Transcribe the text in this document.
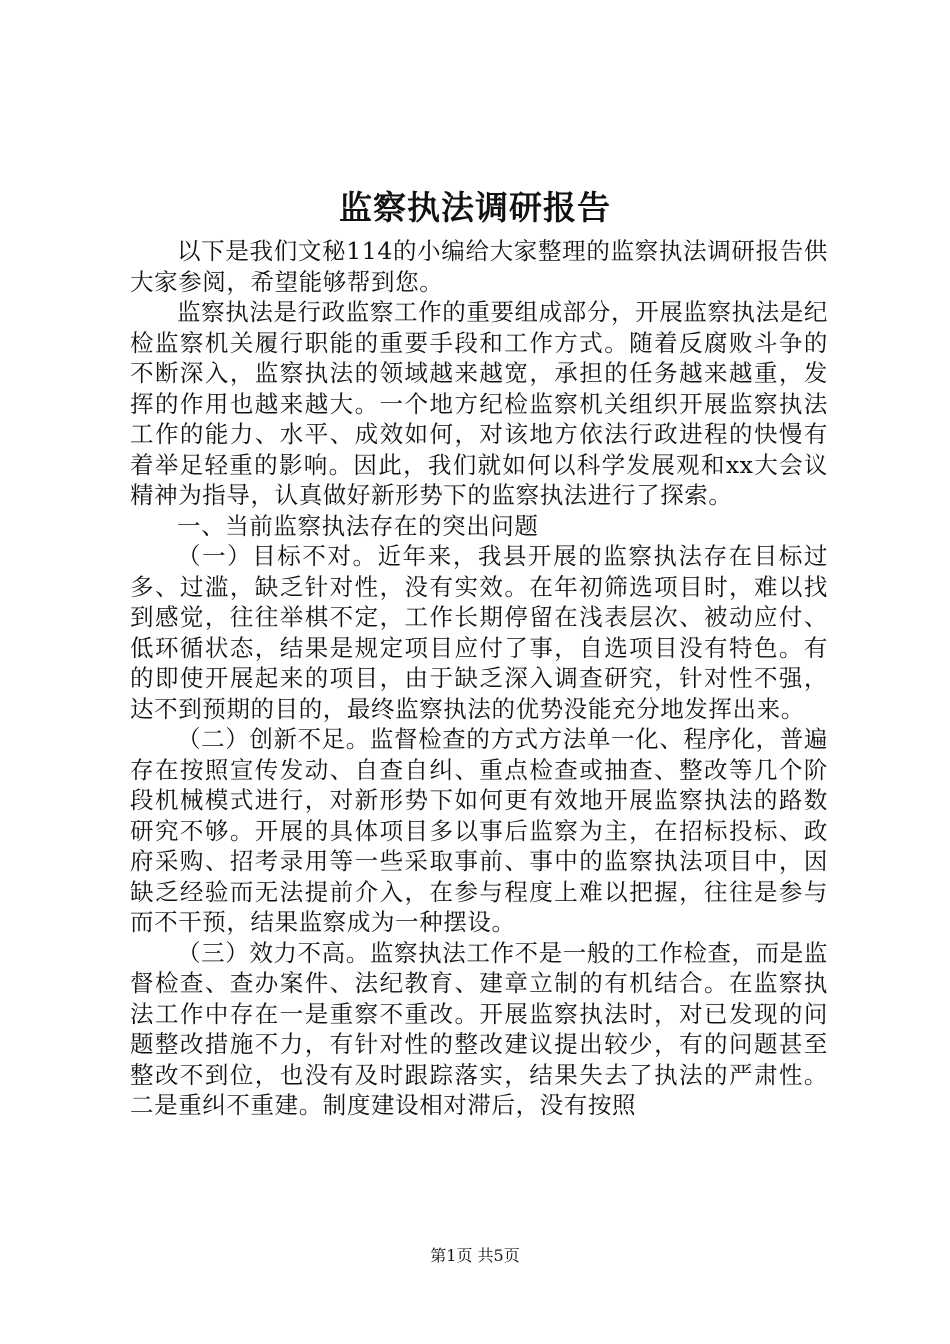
监察执法调研报告

以下是我们文秘114的小编给大家整理的监察执法调研报告供大家参阅，希望能够帮到您。

监察执法是行政监察工作的重要组成部分，开展监察执法是纪检监察机关履行职能的重要手段和工作方式。随着反腐败斗争的不断深入，监察执法的领域越来越宽，承担的任务越来越重，发挥的作用也越来越大。一个地方纪检监察机关组织开展监察执法工作的能力、水平、成效如何，对该地方依法行政进程的快慢有着举足轻重的影响。因此，我们就如何以科学发展观和xx大会议精神为指导，认真做好新形势下的监察执法进行了探索。

一、当前监察执法存在的突出问题

（一）目标不对。近年来，我县开展的监察执法存在目标过多、过滥，缺乏针对性，没有实效。在年初筛选项目时，难以找到感觉，往往举棋不定，工作长期停留在浅表层次、被动应付、低环循状态，结果是规定项目应付了事，自选项目没有特色。有的即使开展起来的项目，由于缺乏深入调查研究，针对性不强，达不到预期的目的，最终监察执法的优势没能充分地发挥出来。

（二）创新不足。监督检查的方式方法单一化、程序化，普遍存在按照宣传发动、自查自纠、重点检查或抽查、整改等几个阶段机械模式进行，对新形势下如何更有效地开展监察执法的路数研究不够。开展的具体项目多以事后监察为主，在招标投标、政府采购、招考录用等一些采取事前、事中的监察执法项目中，因缺乏经验而无法提前介入，在参与程度上难以把握，往往是参与而不干预，结果监察成为一种摆设。

（三）效力不高。监察执法工作不是一般的工作检查，而是监督检查、查办案件、法纪教育、建章立制的有机结合。在监察执法工作中存在一是重察不重改。开展监察执法时，对已发现的问题整改措施不力，有针对性的整改建议提出较少，有的问题甚至整改不到位，也没有及时跟踪落实，结果失去了执法的严肃性。二是重纠不重建。制度建设相对滞后，没有按照

第1页 共5页
